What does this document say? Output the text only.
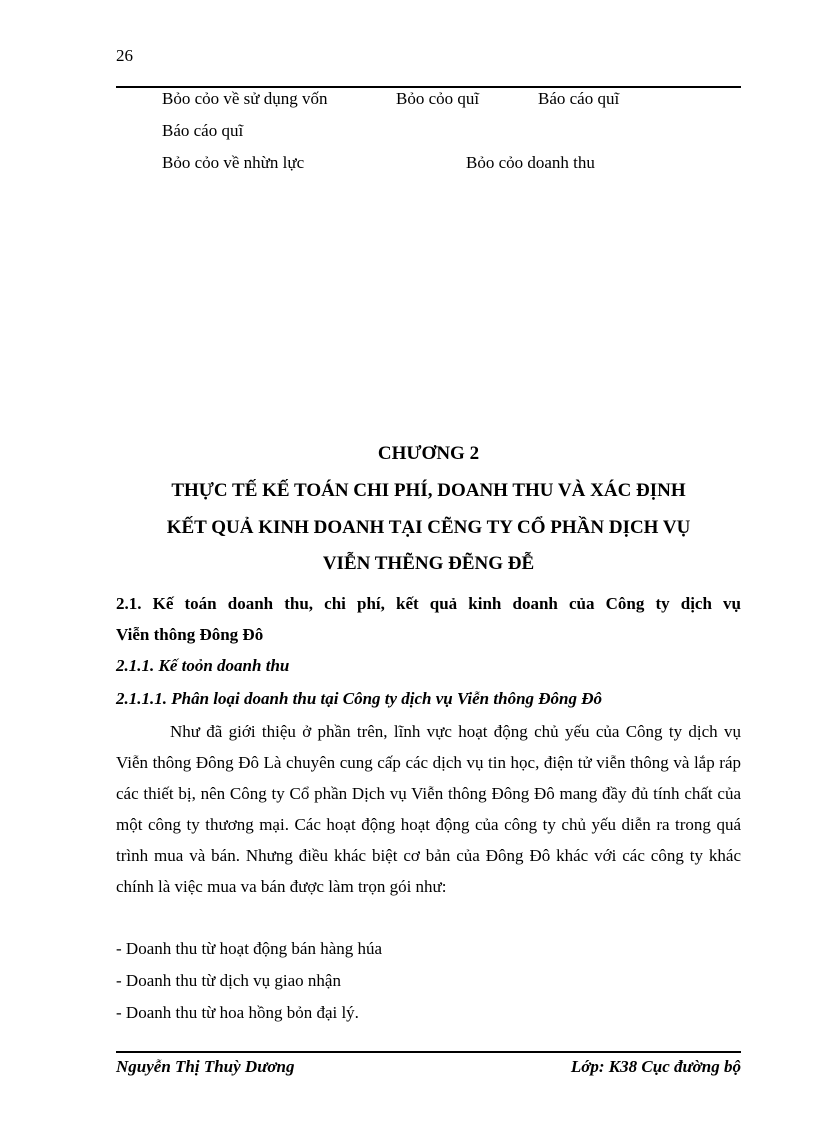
26
Bỏo cỏo về sử dụng vốn	Bỏo cỏo quĩ	Báo cáo quĩ
Báo cáo quĩ
Bỏo cỏo về nhừn lực	Bỏo cỏo doanh thu
CHƯƠNG 2
THỰC TẾ KẾ TOÁN CHI PHÍ, DOANH THU VÀ XÁC ĐỊNH
KẾT QUẢ KINH DOANH TẠI CẼNG TY CỔ PHẦN DỊCH VỤ
VIỄN THẼNG ĐẼNG ĐỄ
2.1. Kế toán doanh thu, chi phí, kết quả kinh doanh của Công ty dịch vụ
Viễn thông Đông Đô
2.1.1. Kế toỏn doanh thu
2.1.1.1. Phân loại doanh thu tại Công ty dịch vụ Viễn thông Đông Đô

Như đã giới thiệu ở phần trên, lĩnh vực hoạt động chủ yếu của Công ty dịch vụ Viễn thông Đông Đô Là chuyên cung cấp các dịch vụ tin học, điện tử viễn thông và lắp ráp các thiết bị, nên Công ty Cổ phần Dịch vụ Viễn thông Đông Đô mang đầy đủ tính chất của một công ty thương mại. Các hoạt động hoạt động của công ty chủ yếu diễn ra trong quá trình mua và bán. Nhưng điều khác biệt cơ bản của Đông Đô khác với các công ty khác chính là việc mua va bán được làm trọn gói như:

- Doanh thu từ hoạt động bán hàng húa
- Doanh thu từ dịch vụ giao nhận
- Doanh thu từ hoa hồng bỏn đại lý.
Nguyễn Thị Thuỳ Dương	Lớp: K38 Cục đường bộ
